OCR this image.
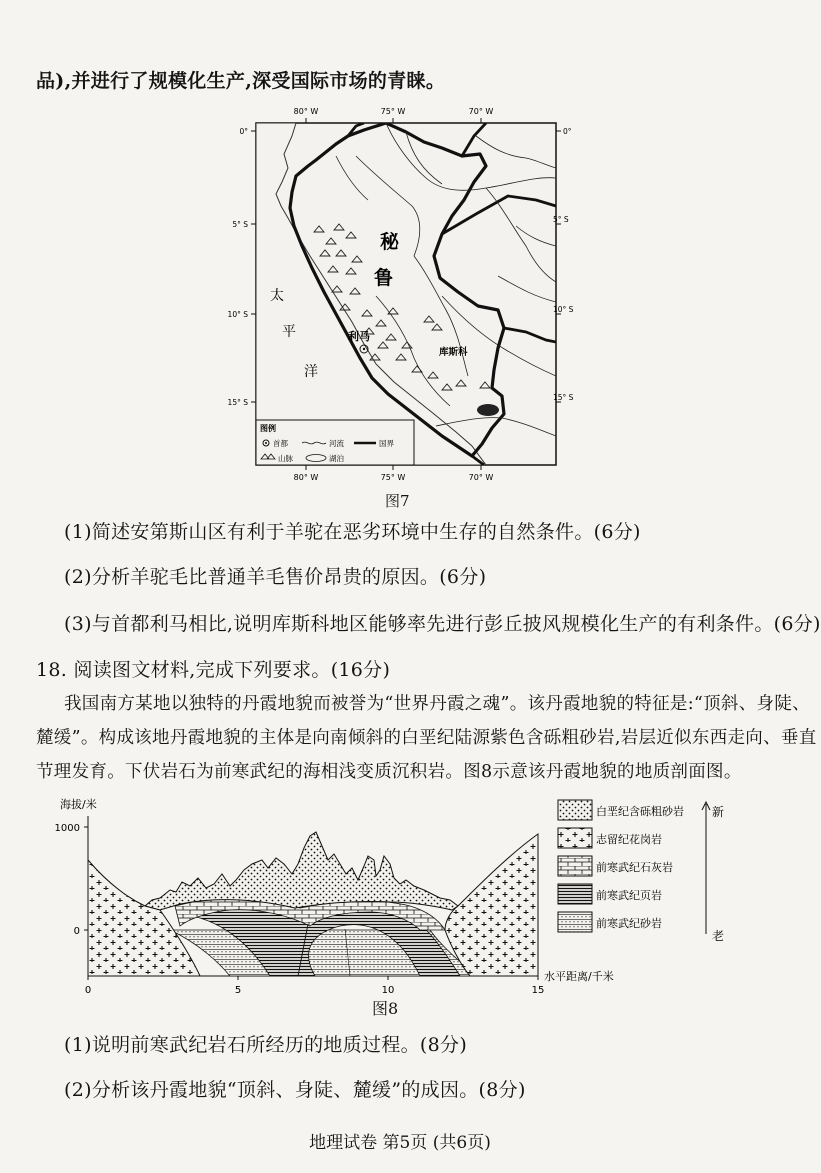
品),并进行了规模化生产,深受国际市场的青睐。
80° W	75° W	70° W
0°
5° S
10° S
15° S
0°
5° S
10° S
15° S
秘
鲁
太
平
洋
利马
库斯科
图例
首都	河流	国界
山脉	湖泊
80° W	75° W	70° W
图7
(1)简述安第斯山区有利于羊驼在恶劣环境中生存的自然条件。(6分)
(2)分析羊驼毛比普通羊毛售价昂贵的原因。(6分)
(3)与首都利马相比,说明库斯科地区能够率先进行彭丘披风规模化生产的有利条件。(6分)
18. 阅读图文材料,完成下列要求。(16分)
我国南方某地以独特的丹霞地貌而被誉为“世界丹霞之魂”。该丹霞地貌的特征是:“顶斜、身陡、
麓缓”。构成该地丹霞地貌的主体是向南倾斜的白垩纪陆源紫色含砾粗砂岩,岩层近似东西走向、垂直
节理发育。下伏岩石为前寒武纪的海相浅变质沉积岩。图8示意该丹霞地貌的地质剖面图。
海拔/米
1000
0
0	5	10	15
水平距离/千米
白垩纪含砾粗砂岩
志留纪花岗岩
前寒武纪石灰岩
前寒武纪页岩
前寒武纪砂岩
新
老
图8
(1)说明前寒武纪岩石所经历的地质过程。(8分)
(2)分析该丹霞地貌“顶斜、身陡、麓缓”的成因。(8分)
地理试卷 第5页 (共6页)
